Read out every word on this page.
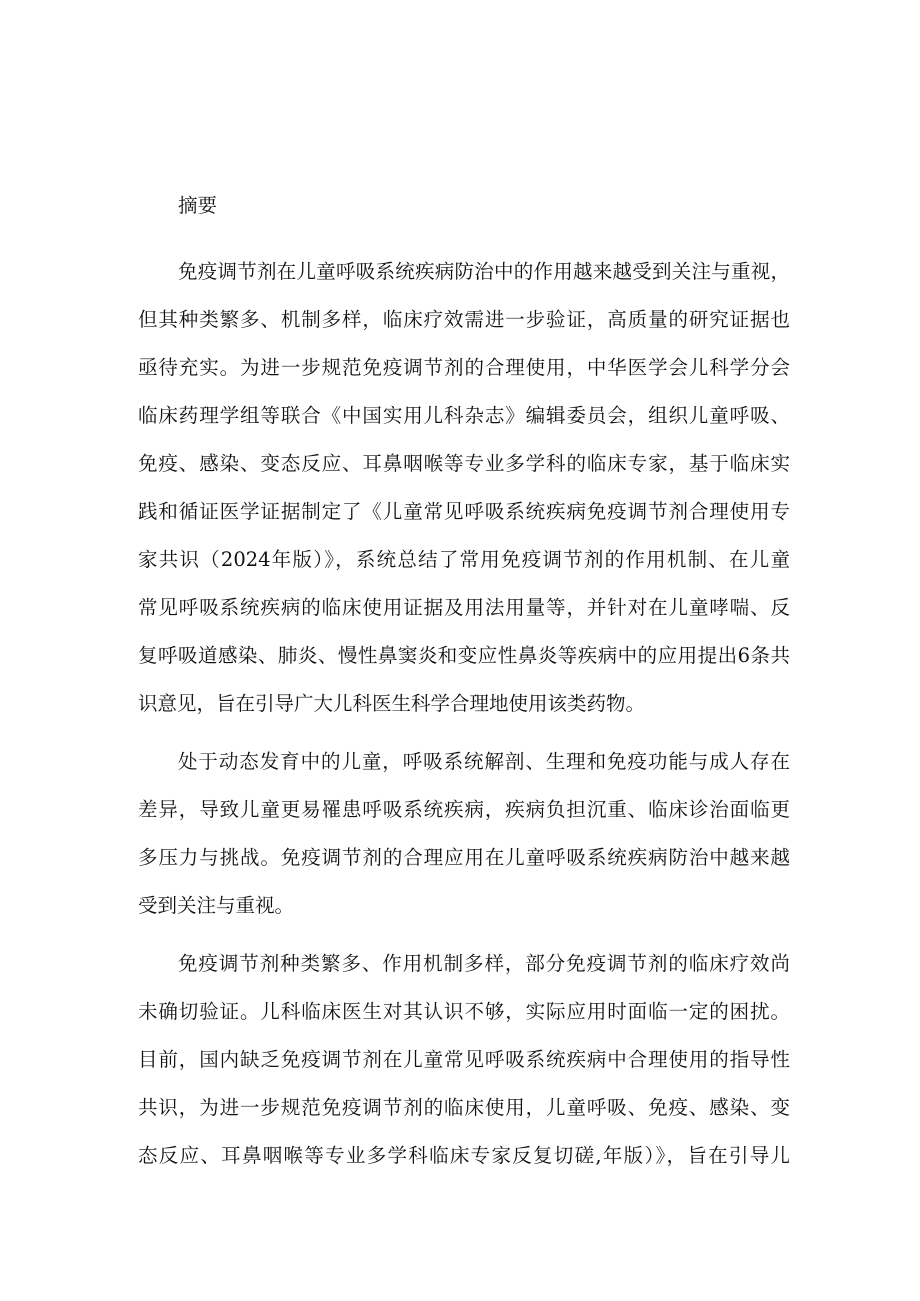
摘要
免疫调节剂在儿童呼吸系统疾病防治中的作用越来越受到关注与重视，
但其种类繁多、机制多样，临床疗效需进一步验证，高质量的研究证据也
亟待充实。为进一步规范免疫调节剂的合理使用，中华医学会儿科学分会
临床药理学组等联合《中国实用儿科杂志》编辑委员会，组织儿童呼吸、
免疫、感染、变态反应、耳鼻咽喉等专业多学科的临床专家，基于临床实
践和循证医学证据制定了《儿童常见呼吸系统疾病免疫调节剂合理使用专
家共识（2024年版）》，系统总结了常用免疫调节剂的作用机制、在儿童
常见呼吸系统疾病的临床使用证据及用法用量等，并针对在儿童哮喘、反
复呼吸道感染、肺炎、慢性鼻窦炎和变应性鼻炎等疾病中的应用提出6条共
识意见，旨在引导广大儿科医生科学合理地使用该类药物。
处于动态发育中的儿童，呼吸系统解剖、生理和免疫功能与成人存在
差异，导致儿童更易罹患呼吸系统疾病，疾病负担沉重、临床诊治面临更
多压力与挑战。免疫调节剂的合理应用在儿童呼吸系统疾病防治中越来越
受到关注与重视。
免疫调节剂种类繁多、作用机制多样，部分免疫调节剂的临床疗效尚
未确切验证。儿科临床医生对其认识不够，实际应用时面临一定的困扰。
目前，国内缺乏免疫调节剂在儿童常见呼吸系统疾病中合理使用的指导性
共识，为进一步规范免疫调节剂的临床使用，儿童呼吸、免疫、感染、变
态反应、耳鼻咽喉等专业多学科临床专家反复切磋,年版）》，旨在引导儿
